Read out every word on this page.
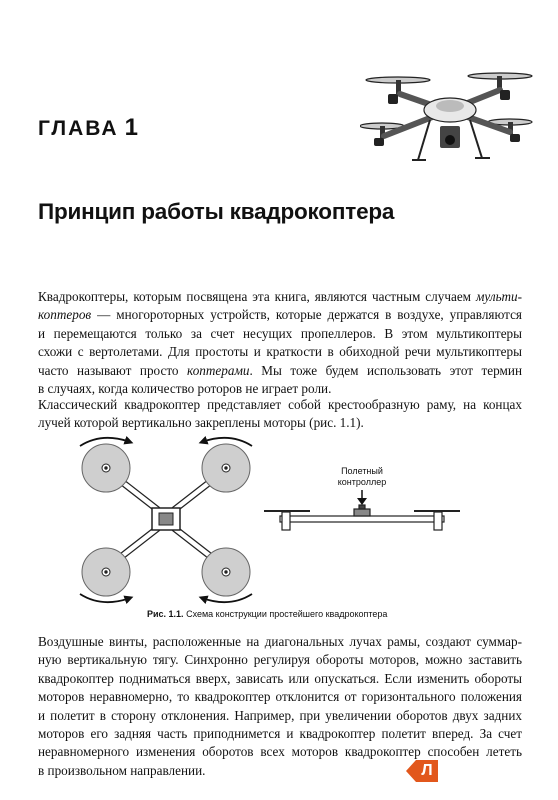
ГЛАВА 1
Принцип работы квадрокоптера
Квадрокоптеры, которым посвящена эта книга, являются частным случаем мульти-
коптеров — многороторных устройств, которые держатся в воздухе, управляются
и перемещаются только за счет несущих пропеллеров. В этом мультикоптеры
схожи с вертолетами. Для простоты и краткости в обиходной речи мультикоптеры
часто называют просто коптерами. Мы тоже будем использовать этот термин
в случаях, когда количество роторов не играет роли.
Классический квадрокоптер представляет собой крестообразную раму, на концах
лучей которой вертикально закреплены моторы (рис. 1.1).
Полетный
контроллер
Рис. 1.1. Схема конструкции простейшего квадрокоптера
Воздушные винты, расположенные на диагональных лучах рамы, создают суммар-
ную вертикальную тягу. Синхронно регулируя обороты моторов, можно заставить
квадрокоптер подниматься вверх, зависать или опускаться. Если изменить обороты
моторов неравномерно, то квадрокоптер отклонится от горизонтального положения
и полетит в сторону отклонения. Например, при увеличении оборотов двух задних
моторов его задняя часть приподнимется и квадрокоптер полетит вперед. За счет
неравномерного изменения оборотов всех моторов квадрокоптер способен лететь
в произвольном направлении.	Л
